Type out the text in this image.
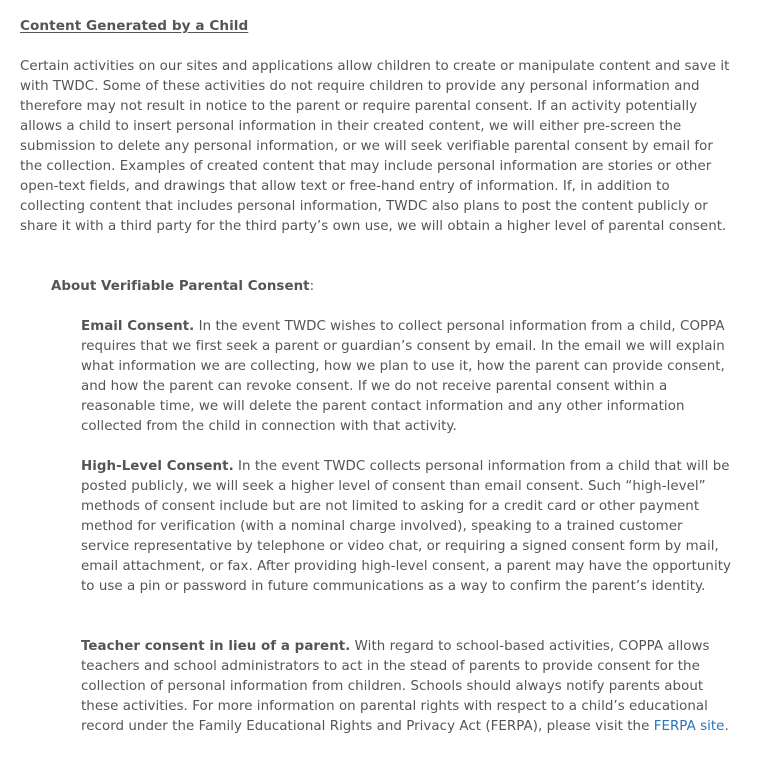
Content Generated by a Child

Certain activities on our sites and applications allow children to create or manipulate content and save it with TWDC. Some of these activities do not require children to provide any personal information and therefore may not result in notice to the parent or require parental consent. If an activity potentially allows a child to insert personal information in their created content, we will either pre-screen the submission to delete any personal information, or we will seek verifiable parental consent by email for the collection. Examples of created content that may include personal information are stories or other open-text fields, and drawings that allow text or free-hand entry of information. If, in addition to collecting content that includes personal information, TWDC also plans to post the content publicly or share it with a third party for the third party’s own use, we will obtain a higher level of parental consent.

About Verifiable Parental Consent:

Email Consent. In the event TWDC wishes to collect personal information from a child, COPPA requires that we first seek a parent or guardian’s consent by email. In the email we will explain what information we are collecting, how we plan to use it, how the parent can provide consent, and how the parent can revoke consent. If we do not receive parental consent within a reasonable time, we will delete the parent contact information and any other information collected from the child in connection with that activity.

High-Level Consent. In the event TWDC collects personal information from a child that will be posted publicly, we will seek a higher level of consent than email consent. Such “high-level” methods of consent include but are not limited to asking for a credit card or other payment method for verification (with a nominal charge involved), speaking to a trained customer service representative by telephone or video chat, or requiring a signed consent form by mail, email attachment, or fax. After providing high-level consent, a parent may have the opportunity to use a pin or password in future communications as a way to confirm the parent’s identity.

Teacher consent in lieu of a parent. With regard to school-based activities, COPPA allows teachers and school administrators to act in the stead of parents to provide consent for the collection of personal information from children. Schools should always notify parents about these activities. For more information on parental rights with respect to a child’s educational record under the Family Educational Rights and Privacy Act (FERPA), please visit the FERPA site.
